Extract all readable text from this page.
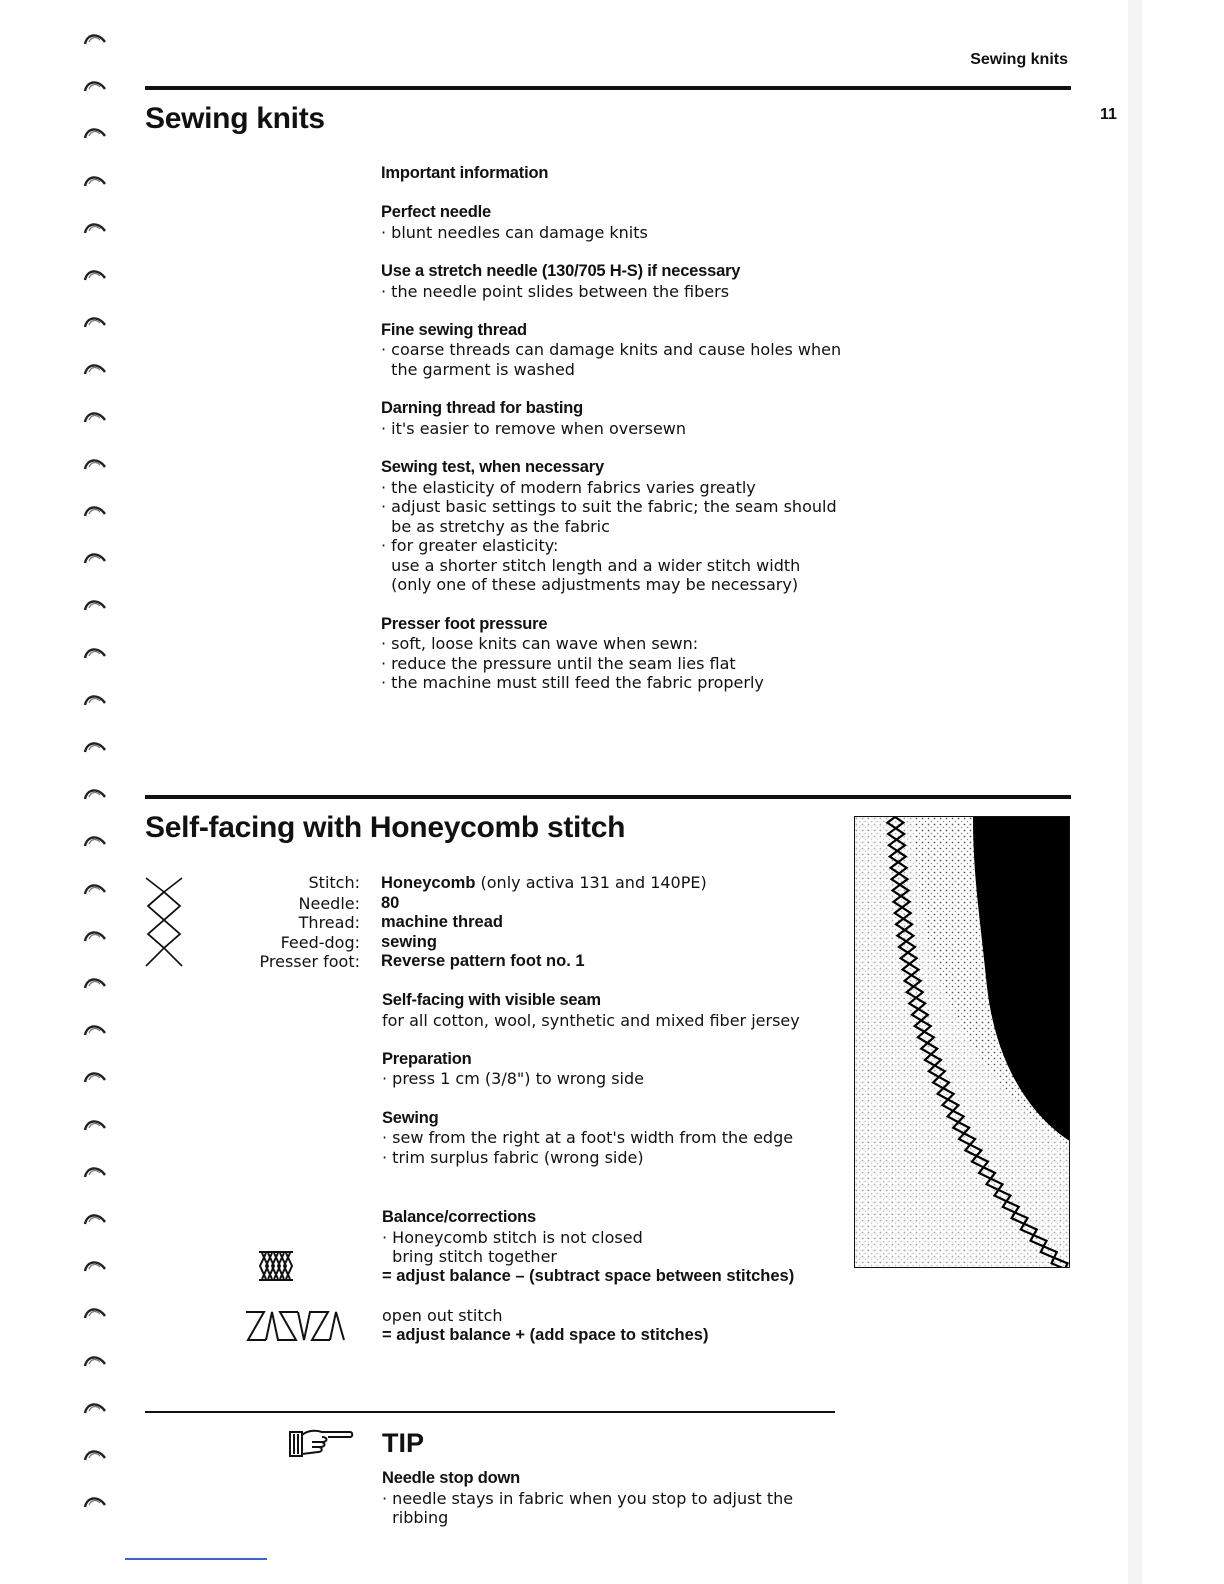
Sewing knits
11
Sewing knits
Important information
Perfect needle
· blunt needles can damage knits
Use a stretch needle (130/705 H-S) if necessary
· the needle point slides between the fibers
Fine sewing thread
· coarse threads can damage knits and cause holes when
the garment is washed
Darning thread for basting
· it's easier to remove when oversewn
Sewing test, when necessary
· the elasticity of modern fabrics varies greatly
· adjust basic settings to suit the fabric; the seam should
be as stretchy as the fabric
· for greater elasticity:
use a shorter stitch length and a wider stitch width
(only one of these adjustments may be necessary)
Presser foot pressure
· soft, loose knits can wave when sewn:
· reduce the pressure until the seam lies flat
· the machine must still feed the fabric properly
Self-facing with Honeycomb stitch
Stitch:	Honeycomb (only activa 131 and 140PE)
Needle:	80
Thread:	machine thread
Feed-dog:	sewing
Presser foot:	Reverse pattern foot no. 1
Self-facing with visible seam
for all cotton, wool, synthetic and mixed fiber jersey
Preparation
· press 1 cm (3/8") to wrong side
Sewing
· sew from the right at a foot's width from the edge
· trim surplus fabric (wrong side)
Balance/corrections
· Honeycomb stitch is not closed
bring stitch together
= adjust balance – (subtract space between stitches)
open out stitch
= adjust balance + (add space to stitches)
TIP
Needle stop down
· needle stays in fabric when you stop to adjust the
ribbing
